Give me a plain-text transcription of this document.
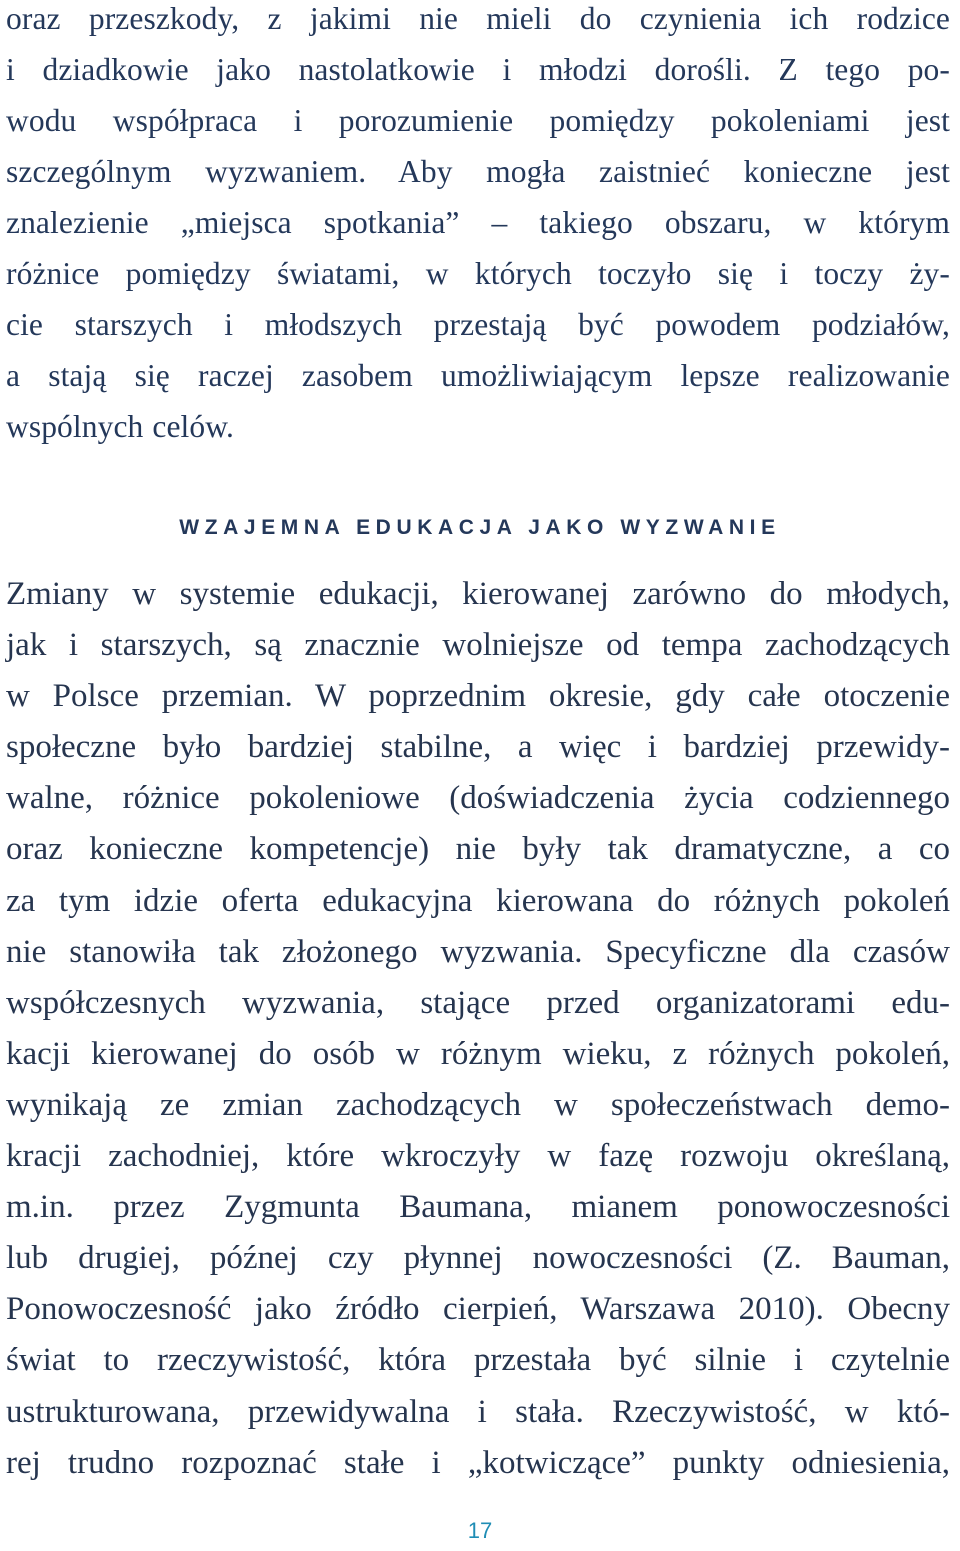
oraz przeszkody, z jakimi nie mieli do czynienia ich rodzice
i dziadkowie jako nastolatkowie i młodzi dorośli. Z tego po-
wodu współpraca i porozumienie pomiędzy pokoleniami jest
szczególnym wyzwaniem. Aby mogła zaistnieć konieczne jest
znalezienie „miejsca spotkania” – takiego obszaru, w którym
różnice pomiędzy światami, w których toczyło się i toczy ży-
cie starszych i młodszych przestają być powodem podziałów,
a stają się raczej zasobem umożliwiającym lepsze realizowanie
wspólnych celów.

WZAJEMNA EDUKACJA JAKO WYZWANIE

Zmiany w systemie edukacji, kierowanej zarówno do młodych,
jak i starszych, są znacznie wolniejsze od tempa zachodzących
w Polsce przemian. W poprzednim okresie, gdy całe otoczenie
społeczne było bardziej stabilne, a więc i bardziej przewidy-
walne, różnice pokoleniowe (doświadczenia życia codziennego
oraz konieczne kompetencje) nie były tak dramatyczne, a co
za tym idzie oferta edukacyjna kierowana do różnych pokoleń
nie stanowiła tak złożonego wyzwania. Specyficzne dla czasów
współczesnych wyzwania, stające przed organizatorami edu-
kacji kierowanej do osób w różnym wieku, z różnych pokoleń,
wynikają ze zmian zachodzących w społeczeństwach demo-
kracji zachodniej, które wkroczyły w fazę rozwoju określaną,
m.in. przez Zygmunta Baumana, mianem ponowoczesności
lub drugiej, późnej czy płynnej nowoczesności (Z. Bauman,
Ponowoczesność jako źródło cierpień, Warszawa 2010). Obecny
świat to rzeczywistość, która przestała być silnie i czytelnie
ustrukturowana, przewidywalna i stała. Rzeczywistość, w któ-
rej trudno rozpoznać stałe i „kotwiczące” punkty odniesienia,

17
